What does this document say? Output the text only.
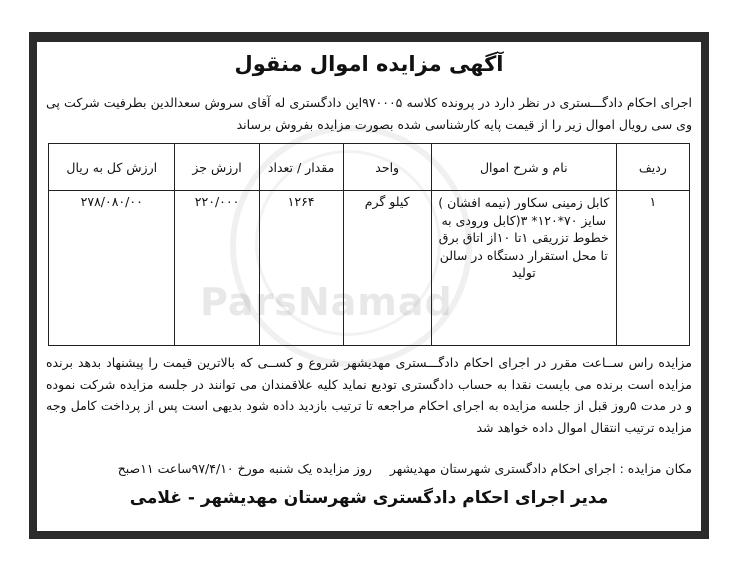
آگهی مزایده اموال منقول

اجرای احکام دادگـــستری در نظر دارد در پرونده کلاسه ۹۷۰۰۰۵این دادگستری له آقای سروش سعدالدین بطرفیت شرکت پی وی سی رویال اموال زیر را از قیمت پایه کارشناسی شده بصورت مزایده بفروش برساند

ردیف	نام و شرح اموال	واحد	مقدار / تعداد	ارزش جز	ارزش کل به ریال
۱	کابل زمینی سکاور (نیمه افشان ) سایز ۷۰*۱۲۰* ۳(کابل ورودی به خطوط تزریقی ۱تا ۱۰از اتاق برق تا محل استقرار دستگاه در سالن تولید	کیلو گرم	۱۲۶۴	۲۲۰/۰۰۰	۲۷۸/۰۸۰/۰۰

مزایده راس ســاعت مقرر در اجرای احکام دادگـــستری مهدیشهر شروع و کســی که بالاترین قیمت را پیشنهاد بدهد برنده مزایده است برنده می بایست نقدا به حساب دادگستری تودیع نماید کلیه علاقمندان می توانند در جلسه مزایده شرکت نموده و در مدت ۵روز قبل از جلسه مزایده به اجرای احکام مراجعه تا ترتیب بازدید داده شود بدیهی است پس از پرداخت کامل وجه مزایده ترتیب انتقال اموال داده خواهد شد

مکان مزایده : اجرای احکام دادگستری شهرستان مهدیشهر روز مزایده یک شنبه مورخ ۹۷/۴/۱۰ساعت ۱۱صبح

مدیر اجرای احکام دادگستری شهرستان مهدیشهر - غلامی
